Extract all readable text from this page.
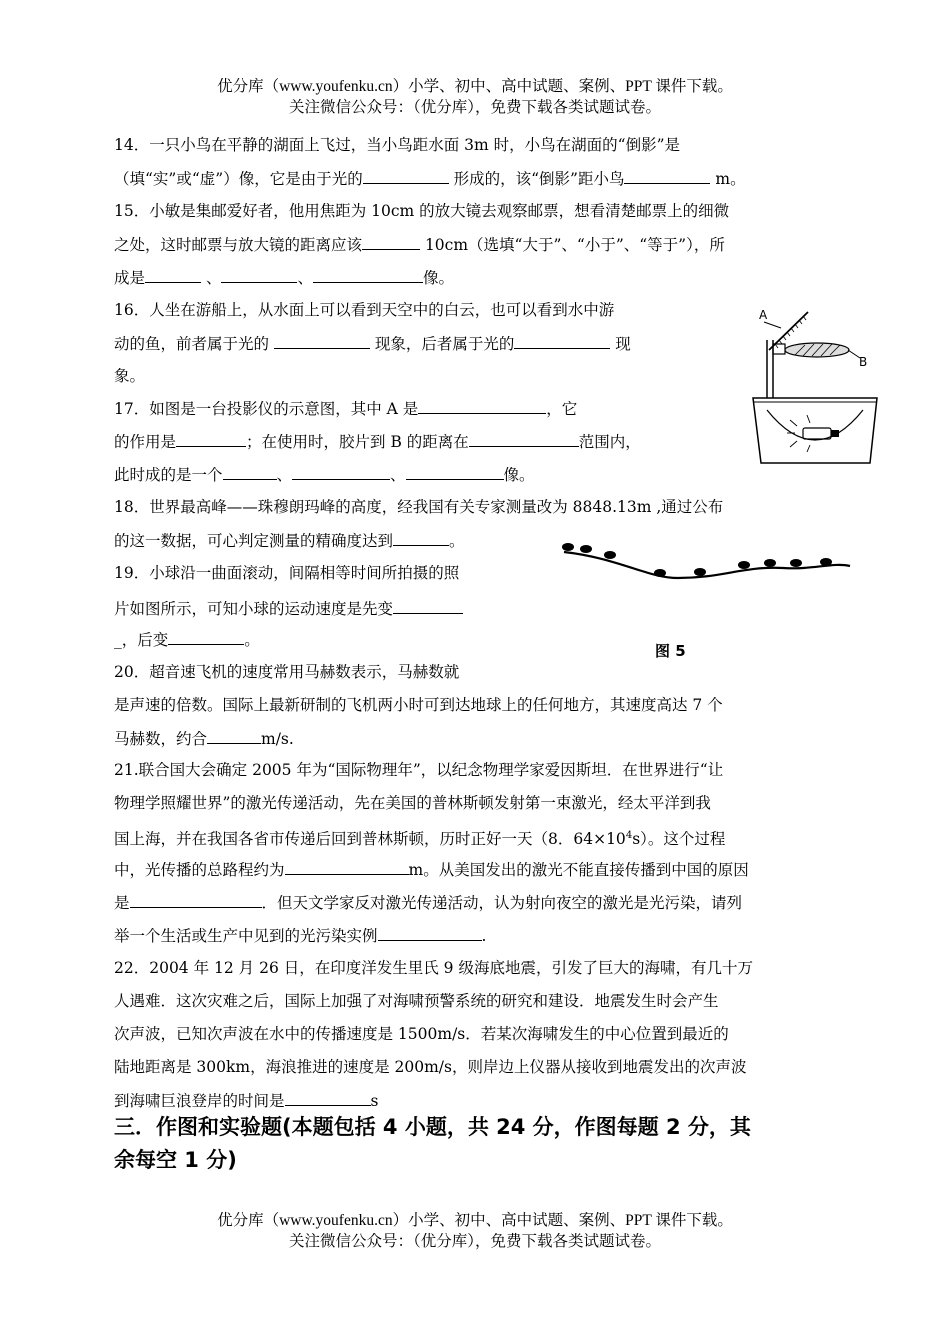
优分库（www.youfenku.cn）小学、初中、高中试题、案例、PPT 课件下载。
关注微信公众号：（优分库），免费下载各类试题试卷。
14．一只小鸟在平静的湖面上飞过，当小鸟距水面 3m 时，小鸟在湖面的“倒影”是
（填“实”或“虚”）像，它是由于光的	形成的，该“倒影”距小鸟	m。
15．小敏是集邮爱好者，他用焦距为 10cm 的放大镜去观察邮票，想看清楚邮票上的细微
之处，这时邮票与放大镜的距离应该	10cm（选填“大于”、“小于”、“等于”），所
成是	、	、	像。
16．人坐在游船上，从水面上可以看到天空中的白云，也可以看到水中游
动的鱼，前者属于光的	现象，后者属于光的	现
象。
A
B
17．如图是一台投影仪的示意图，其中 A 是	，它
的作用是	；在使用时，胶片到 B 的距离在	范围内，
此时成的是一个	、	、	像。
18．世界最高峰——珠穆朗玛峰的高度，经我国有关专家测量改为 8848.13m ,通过公布
的这一数据，可心判定测量的精确度达到	。
图 5
19．小球沿一曲面滚动，间隔相等时间所拍摄的照
片如图所示，可知小球的运动速度是先变
_，后变	。
20．超音速飞机的速度常用马赫数表示，马赫数就
是声速的倍数。国际上最新研制的飞机两小时可到达地球上的任何地方，其速度高达 7 个
马赫数，约合	m/s.
21.联合国大会确定 2005 年为“国际物理年”，以纪念物理学家爱因斯坦．在世界进行“让
物理学照耀世界”的激光传递活动，先在美国的普林斯顿发射第一束激光，经太平洋到我
国上海，并在我国各省市传递后回到普林斯顿，历时正好一天（8．$64\times 10^4s$）。这个过程
中，光传播的总路程约为	m。从美国发出的激光不能直接传播到中国的原因
是	．但天文学家反对激光传递活动，认为射向夜空的激光是光污染，请列
举一个生活或生产中见到的光污染实例	.
22．2004 年 12 月 26 日，在印度洋发生里氏 9 级海底地震，引发了巨大的海啸，有几十万
人遇难．这次灾难之后，国际上加强了对海啸预警系统的研究和建设．地震发生时会产生
次声波，已知次声波在水中的传播速度是 1500m/s．若某次海啸发生的中心位置到最近的
陆地距离是 300km，海浪推进的速度是 200m/s，则岸边上仪器从接收到地震发出的次声波
到海啸巨浪登岸的时间是	s
三．作图和实验题(本题包括 4 小题，共 24 分，作图每题 2 分，其
余每空 1 分)
优分库（www.youfenku.cn）小学、初中、高中试题、案例、PPT 课件下载。
关注微信公众号：（优分库），免费下载各类试题试卷。
